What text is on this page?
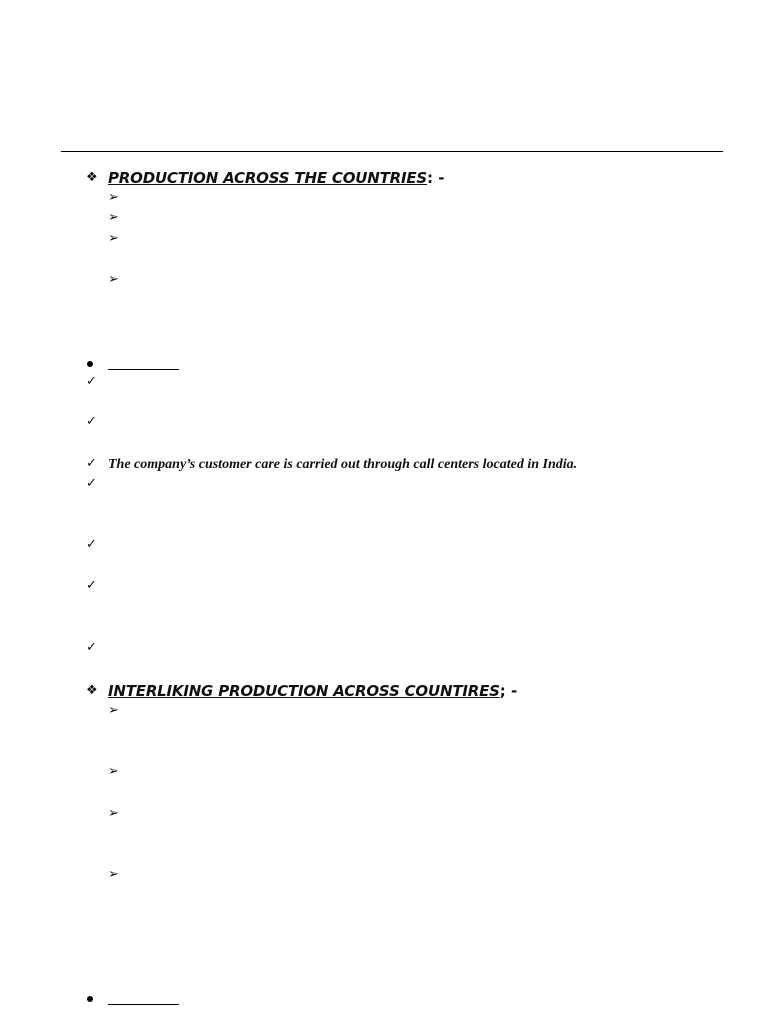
❖ PRODUCTION ACROSS THE COUNTRIES: -
➢
➢
➢
➢
✓
✓
✓ The company’s customer care is carried out through call centers located in India.
✓
✓
✓
✓
❖ INTERLIKING PRODUCTION ACROSS COUNTIRES; -
➢
➢
➢
➢
